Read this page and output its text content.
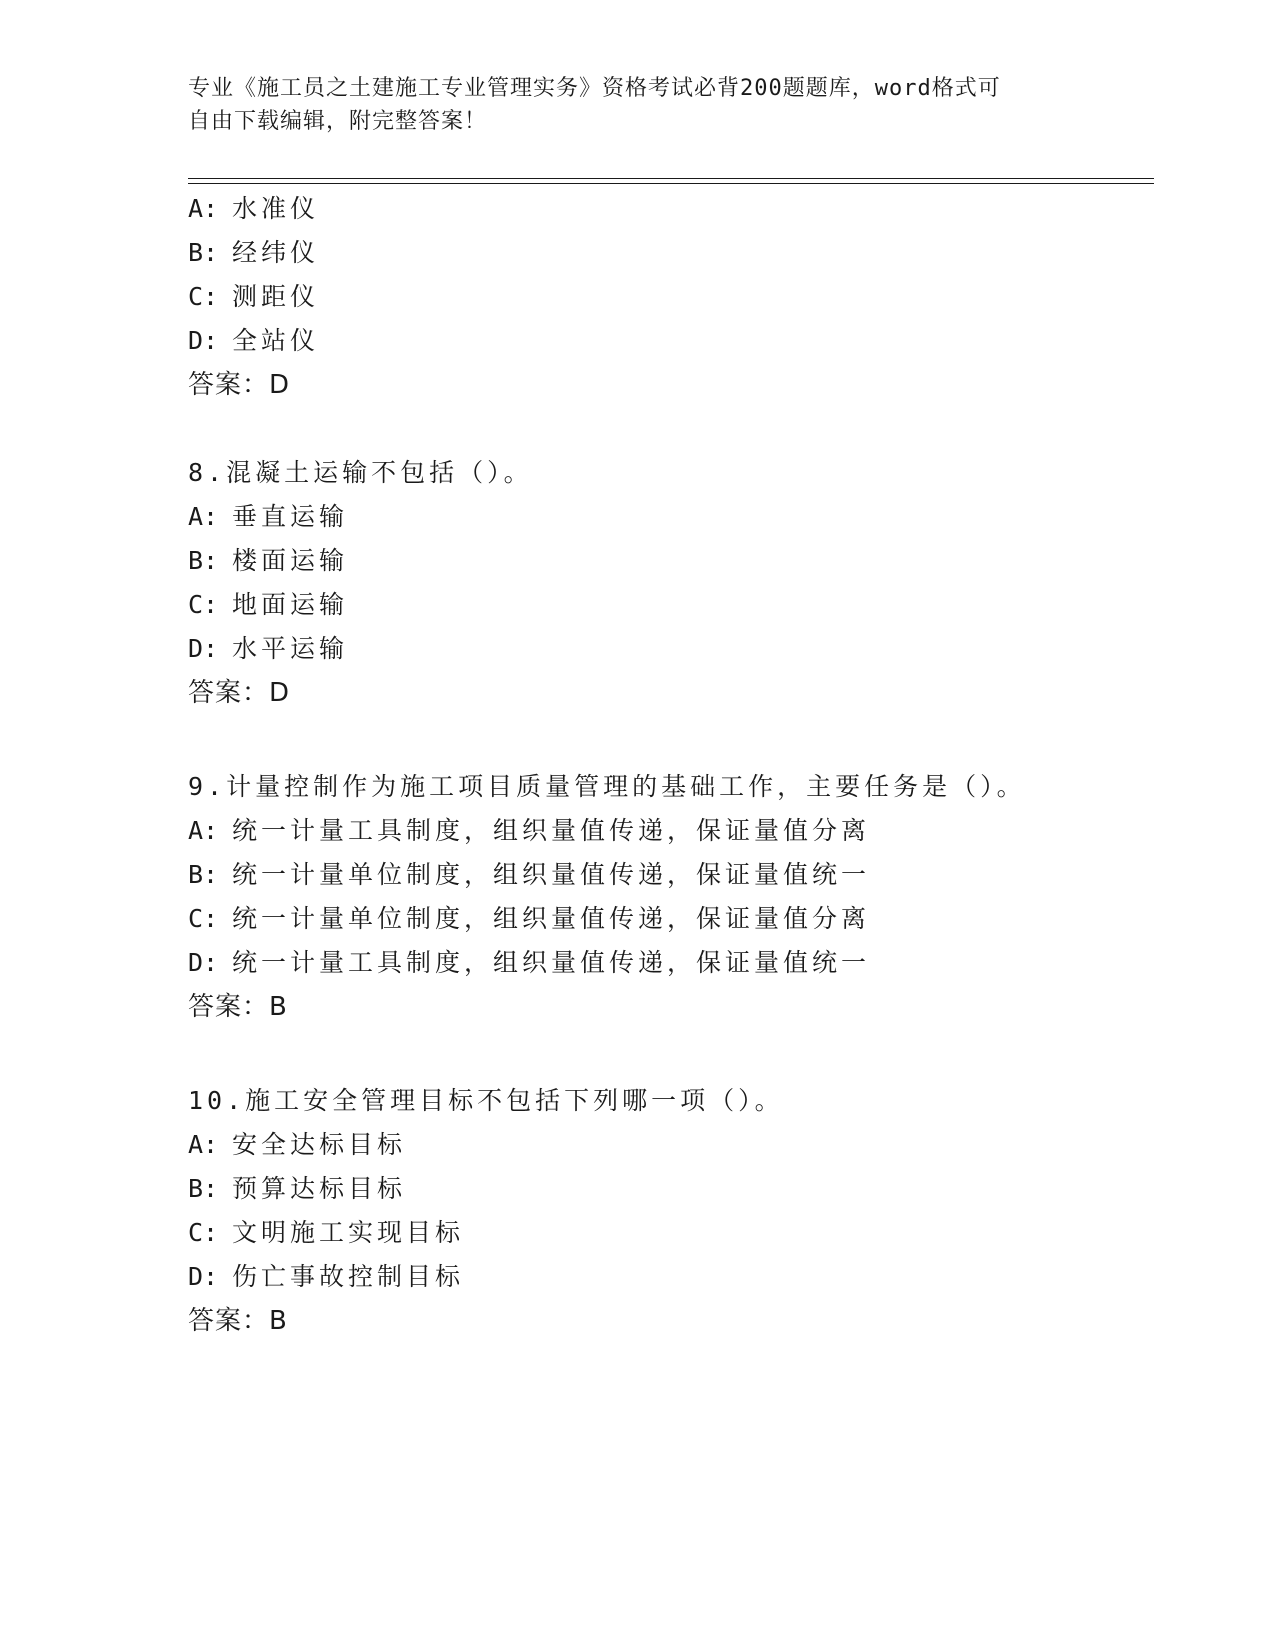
专业《施工员之土建施工专业管理实务》资格考试必背200题题库，word格式可
自由下载编辑，附完整答案！
A: 水准仪
B: 经纬仪
C: 测距仪
D: 全站仪
答案：D
8.混凝土运输不包括（）。
A: 垂直运输
B: 楼面运输
C: 地面运输
D: 水平运输
答案：D
9.计量控制作为施工项目质量管理的基础工作，主要任务是（）。
A: 统一计量工具制度，组织量值传递，保证量值分离
B: 统一计量单位制度，组织量值传递，保证量值统一
C: 统一计量单位制度，组织量值传递，保证量值分离
D: 统一计量工具制度，组织量值传递，保证量值统一
答案：B
10.施工安全管理目标不包括下列哪一项（）。
A: 安全达标目标
B: 预算达标目标
C: 文明施工实现目标
D: 伤亡事故控制目标
答案：B
